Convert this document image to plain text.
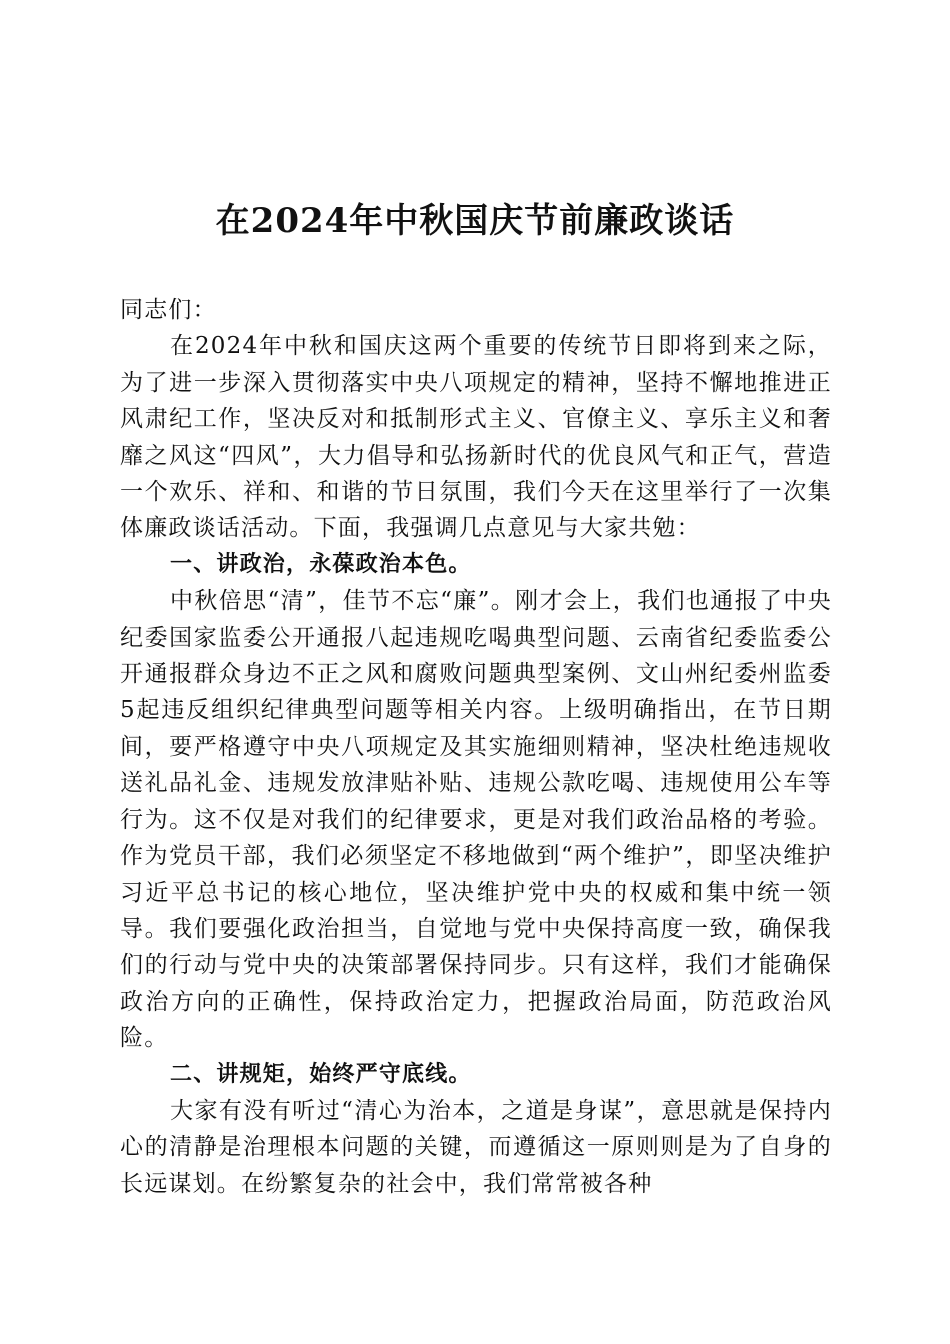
在2024年中秋国庆节前廉政谈话

同志们：

在2024年中秋和国庆这两个重要的传统节日即将到来之际，为了进一步深入贯彻落实中央八项规定的精神，坚持不懈地推进正风肃纪工作，坚决反对和抵制形式主义、官僚主义、享乐主义和奢靡之风这“四风”，大力倡导和弘扬新时代的优良风气和正气，营造一个欢乐、祥和、和谐的节日氛围，我们今天在这里举行了一次集体廉政谈话活动。下面，我强调几点意见与大家共勉：

一、讲政治，永葆政治本色。

中秋倍思“清”，佳节不忘“廉”。刚才会上，我们也通报了中央纪委国家监委公开通报八起违规吃喝典型问题、云南省纪委监委公开通报群众身边不正之风和腐败问题典型案例、文山州纪委州监委5起违反组织纪律典型问题等相关内容。上级明确指出，在节日期间，要严格遵守中央八项规定及其实施细则精神，坚决杜绝违规收送礼品礼金、违规发放津贴补贴、违规公款吃喝、违规使用公车等行为。这不仅是对我们的纪律要求，更是对我们政治品格的考验。作为党员干部，我们必须坚定不移地做到“两个维护”，即坚决维护习近平总书记的核心地位，坚决维护党中央的权威和集中统一领导。我们要强化政治担当，自觉地与党中央保持高度一致，确保我们的行动与党中央的决策部署保持同步。只有这样，我们才能确保政治方向的正确性，保持政治定力，把握政治局面，防范政治风险。

二、讲规矩，始终严守底线。

大家有没有听过“清心为治本，之道是身谋”，意思就是保持内心的清静是治理根本问题的关键，而遵循这一原则则是为了自身的长远谋划。在纷繁复杂的社会中，我们常常被各种
